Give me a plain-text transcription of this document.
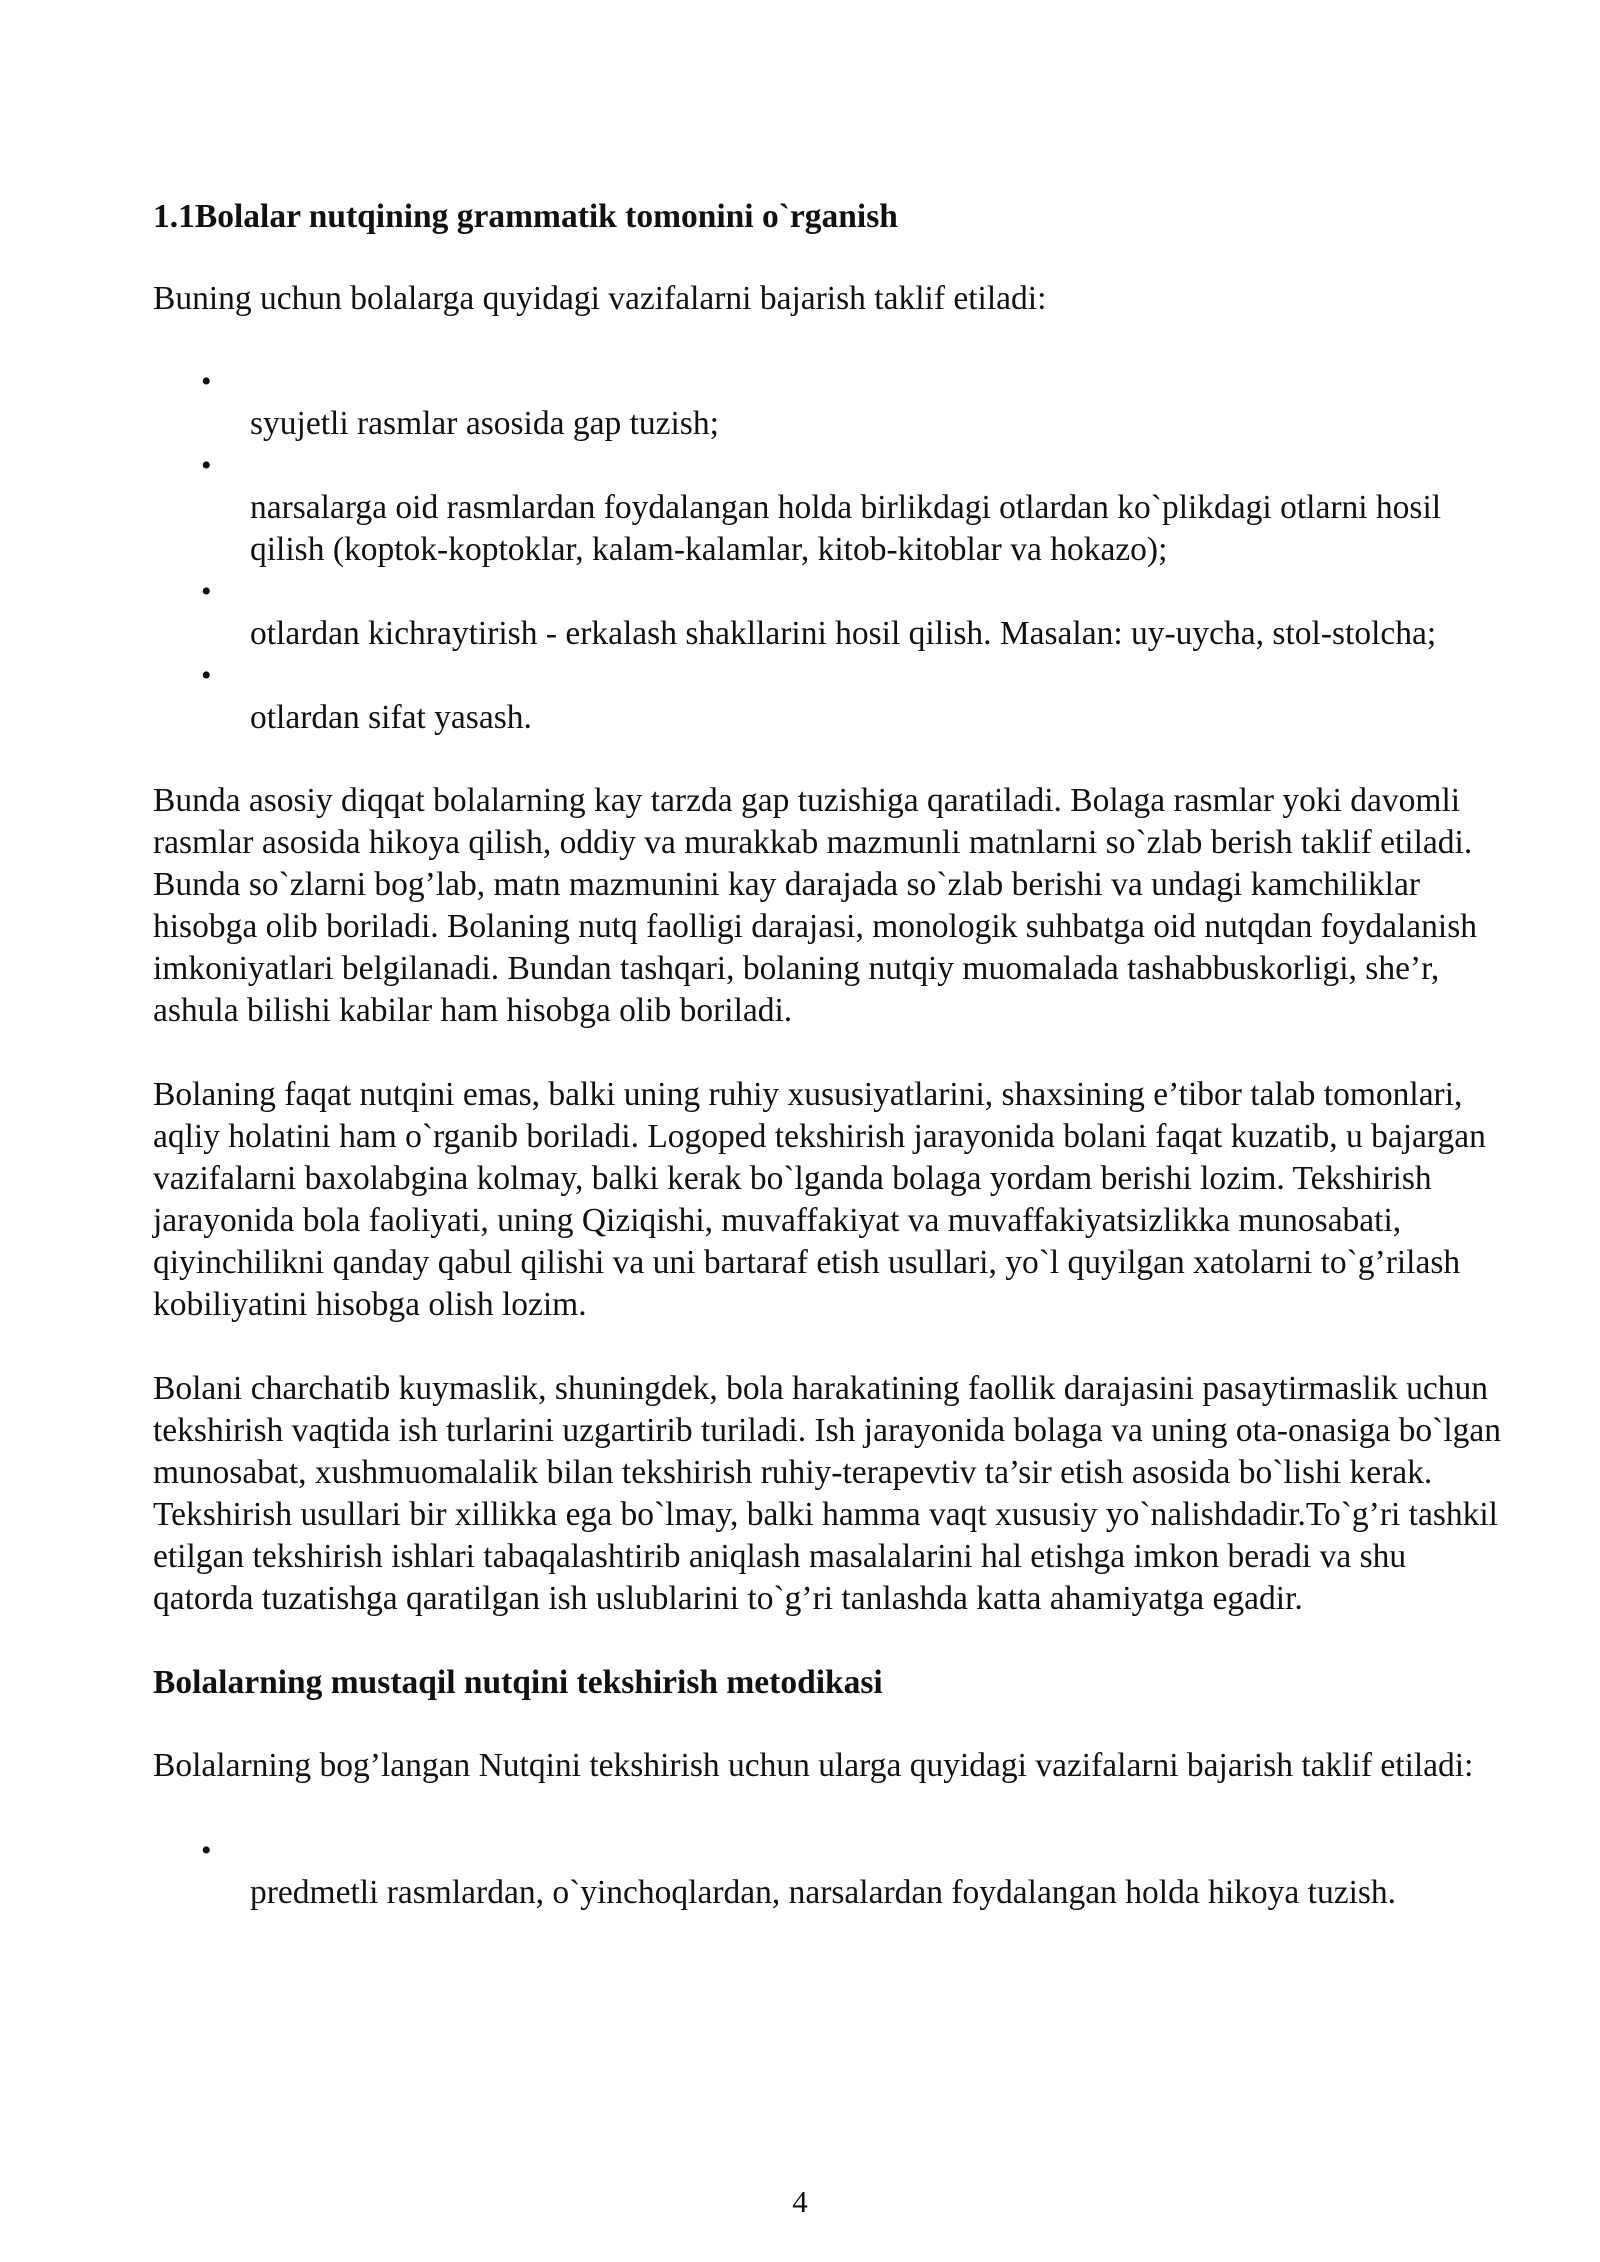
1.1Bolalar nutqining grammatik tomonini o`rganish

Buning uchun bolalarga quyidagi vazifalarni bajarish taklif etiladi:

•
syujetli rasmlar asosida gap tuzish;
•
narsalarga oid rasmlardan foydalangan holda birlikdagi otlardan ko`plikdagi otlarni hosil qilish (koptok-koptoklar, kalam-kalamlar, kitob-kitoblar va hokazo);
•
otlardan kichraytirish - erkalash shakllarini hosil qilish. Masalan: uy-uycha, stol-stolcha;
•
otlardan sifat yasash.

Bunda asosiy diqqat bolalarning kay tarzda gap tuzishiga qaratiladi. Bolaga rasmlar yoki davomli rasmlar asosida hikoya qilish, oddiy va murakkab mazmunli matnlarni so`zlab berish taklif etiladi. Bunda so`zlarni bog’lab, matn mazmunini kay darajada so`zlab berishi va undagi kamchiliklar hisobga olib boriladi. Bolaning nutq faolligi darajasi, monologik suhbatga oid nutqdan foydalanish imkoniyatlari belgilanadi. Bundan tashqari, bolaning nutqiy muomalada tashabbuskorligi, she’r, ashula bilishi kabilar ham hisobga olib boriladi.

Bolaning faqat nutqini emas, balki uning ruhiy xususiyatlarini, shaxsining e’tibor talab tomonlari, aqliy holatini ham o`rganib boriladi. Logoped tekshirish jarayonida bolani faqat kuzatib, u bajargan vazifalarni baxolabgina kolmay, balki kerak bo`lganda bolaga yordam berishi lozim. Tekshirish jarayonida bola faoliyati, uning Qiziqishi, muvaffakiyat va muvaffakiyatsizlikka munosabati, qiyinchilikni qanday qabul qilishi va uni bartaraf etish usullari, yo`l quyilgan xatolarni to`g’rilash kobiliyatini hisobga olish lozim.

Bolani charchatib kuymaslik, shuningdek, bola harakatining faollik darajasini pasaytirmaslik uchun tekshirish vaqtida ish turlarini uzgartirib turiladi. Ish jarayonida bolaga va uning ota-onasiga bo`lgan munosabat, xushmuomalalik bilan tekshirish ruhiy-terapevtiv ta’sir etish asosida bo`lishi kerak. Tekshirish usullari bir xillikka ega bo`lmay, balki hamma vaqt xususiy yo`nalishdadir.To`g’ri tashkil etilgan tekshirish ishlari tabaqalashtirib aniqlash masalalarini hal etishga imkon beradi va shu qatorda tuzatishga qaratilgan ish uslublarini to`g’ri tanlashda katta ahamiyatga egadir.

Bolalarning mustaqil nutqini tekshirish metodikasi

Bolalarning bog’langan Nutqini tekshirish uchun ularga quyidagi vazifalarni bajarish taklif etiladi:

•
predmetli rasmlardan, o`yinchoqlardan, narsalardan foydalangan holda hikoya tuzish.
4
